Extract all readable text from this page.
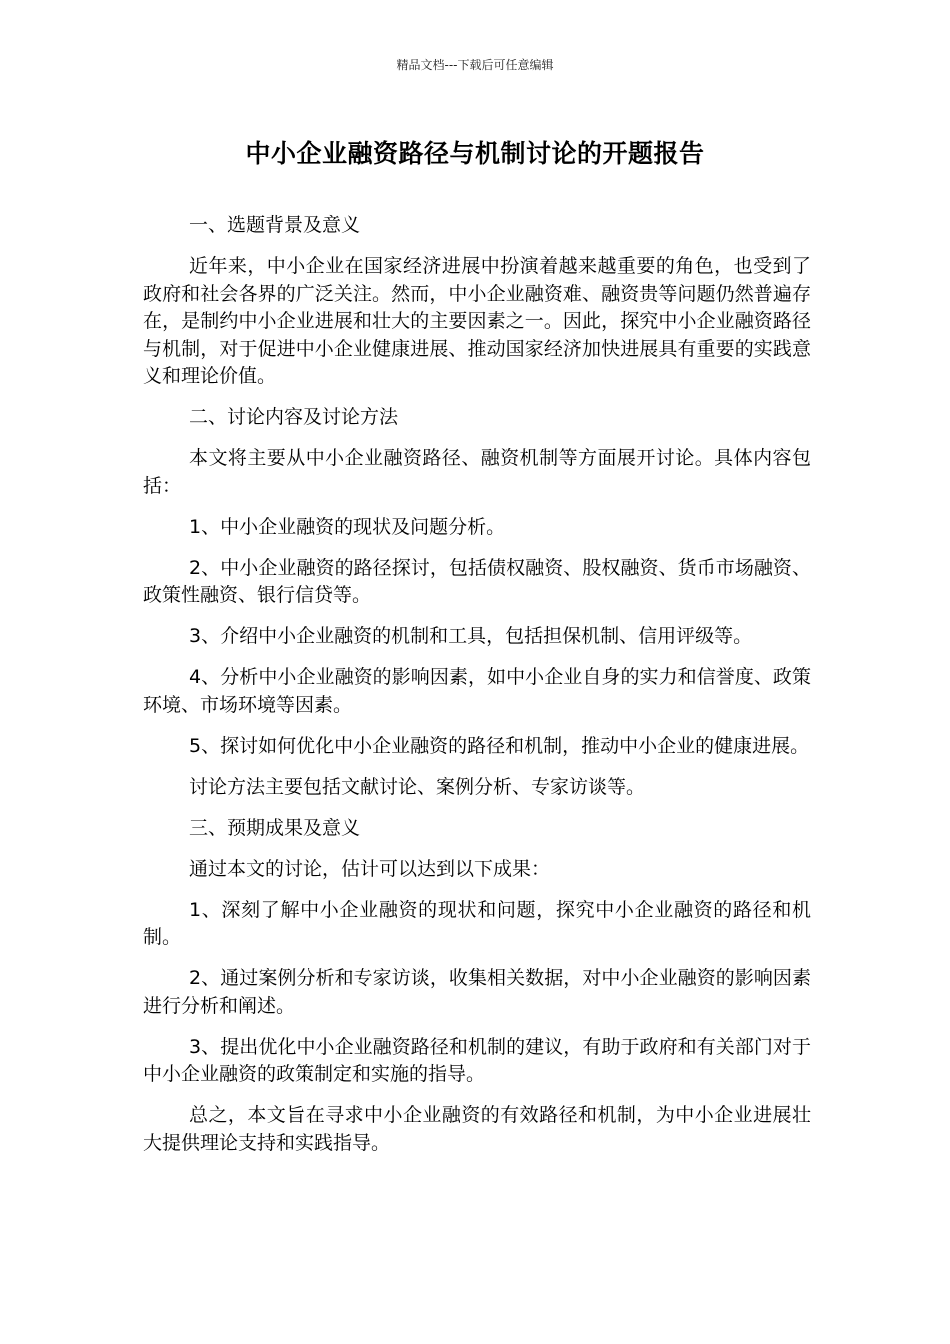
精品文档---下载后可任意编辑
中小企业融资路径与机制讨论的开题报告

一、选题背景及意义

近年来，中小企业在国家经济进展中扮演着越来越重要的角色，也受到了政府和社会各界的广泛关注。然而，中小企业融资难、融资贵等问题仍然普遍存在，是制约中小企业进展和壮大的主要因素之一。因此，探究中小企业融资路径与机制，对于促进中小企业健康进展、推动国家经济加快进展具有重要的实践意义和理论价值。

二、讨论内容及讨论方法

本文将主要从中小企业融资路径、融资机制等方面展开讨论。具体内容包括：

1、中小企业融资的现状及问题分析。

2、中小企业融资的路径探讨，包括债权融资、股权融资、货币市场融资、政策性融资、银行信贷等。

3、介绍中小企业融资的机制和工具，包括担保机制、信用评级等。

4、分析中小企业融资的影响因素，如中小企业自身的实力和信誉度、政策环境、市场环境等因素。

5、探讨如何优化中小企业融资的路径和机制，推动中小企业的健康进展。

讨论方法主要包括文献讨论、案例分析、专家访谈等。

三、预期成果及意义

通过本文的讨论，估计可以达到以下成果：

1、深刻了解中小企业融资的现状和问题，探究中小企业融资的路径和机制。

2、通过案例分析和专家访谈，收集相关数据，对中小企业融资的影响因素进行分析和阐述。

3、提出优化中小企业融资路径和机制的建议，有助于政府和有关部门对于中小企业融资的政策制定和实施的指导。

总之，本文旨在寻求中小企业融资的有效路径和机制，为中小企业进展壮大提供理论支持和实践指导。
